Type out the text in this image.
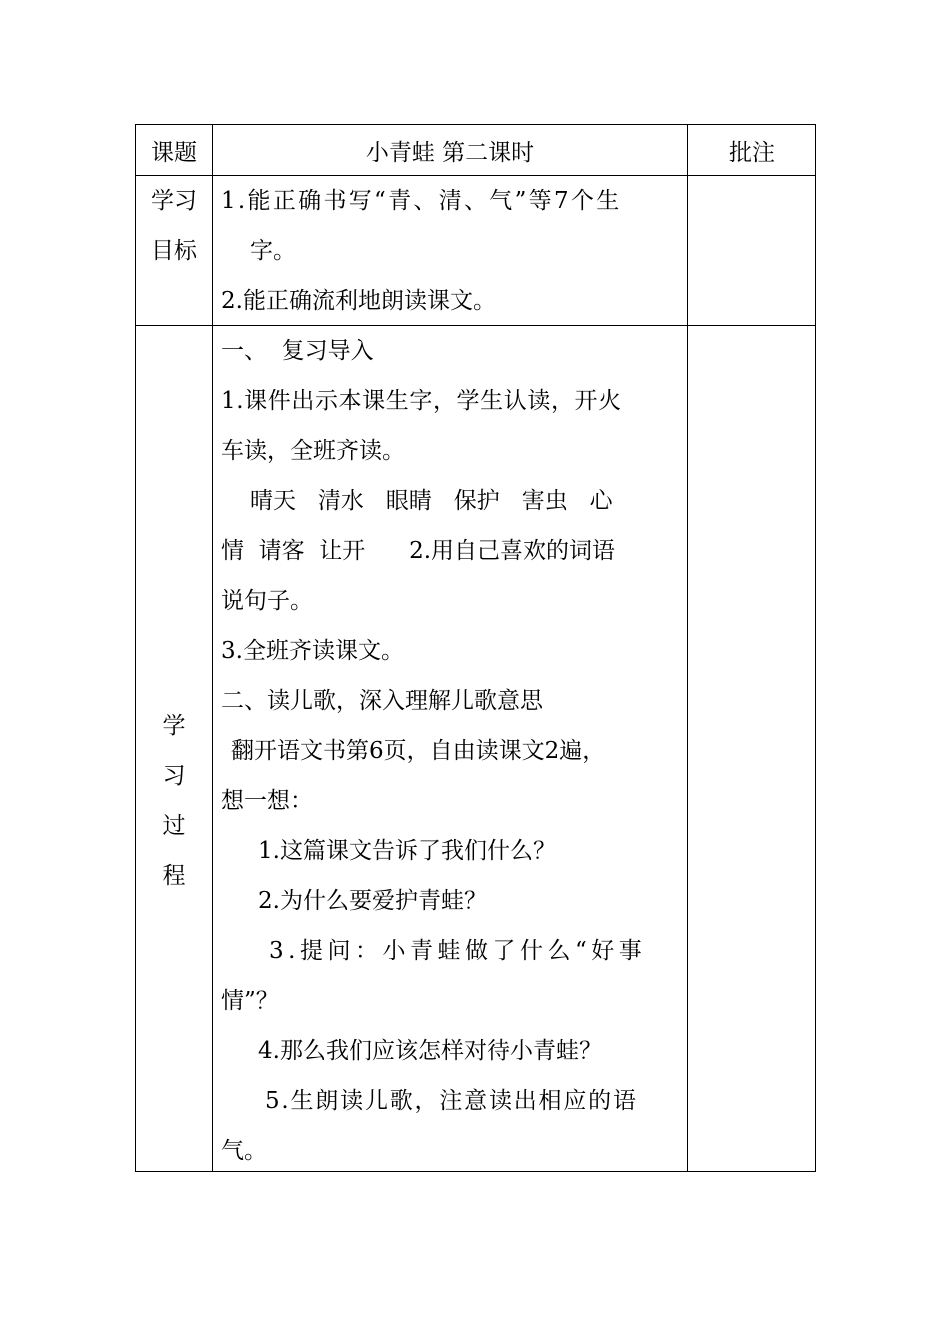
课题	小青蛙 第二课时	批注
学习
目标
1.能正确书写“青、清、气”等7个生
字。
2.能正确流利地朗读课文。
学
习
过
程
一、  复习导入
1.课件出示本课生字，学生认读，开火
车读，全班齐读。
晴天   清水   眼睛   保护   害虫   心
情  请客  让开      2.用自己喜欢的词语
说句子。
3.全班齐读课文。
二、读儿歌，深入理解儿歌意思
翻开语文书第6页，自由读课文2遍，
想一想：
1.这篇课文告诉了我们什么？
2.为什么要爱护青蛙？
3.提问：小青蛙做了什么“好事
情”？
4.那么我们应该怎样对待小青蛙？
5.生朗读儿歌，注意读出相应的语
气。
